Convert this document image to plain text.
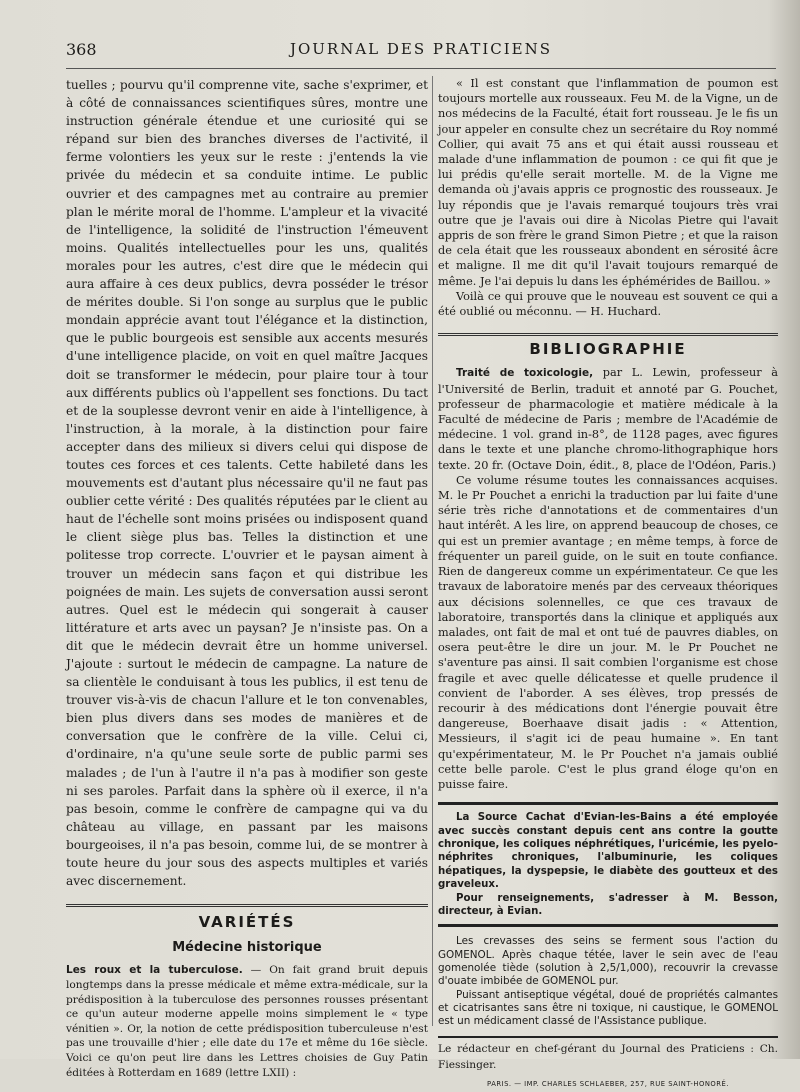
368	JOURNAL DES PRATICIENS

tuelles ; pourvu qu'il comprenne vite, sache s'exprimer, et à côté de connaissances scientifiques sûres, montre une instruction générale étendue et une curiosité qui se répand sur bien des branches diverses de l'activité, il ferme volontiers les yeux sur le reste : j'entends la vie privée du médecin et sa conduite intime. Le public ouvrier et des campagnes met au contraire au premier plan le mérite moral de l'homme. L'ampleur et la vivacité de l'intelligence, la solidité de l'instruction l'émeuvent moins. Qualités intellectuelles pour les uns, qualités morales pour les autres, c'est dire que le médecin qui aura affaire à ces deux publics, devra posséder le trésor de mérites double. Si l'on songe au surplus que le public mondain apprécie avant tout l'élégance et la distinction, que le public bourgeois est sensible aux accents mesurés d'une intelligence placide, on voit en quel maître Jacques doit se transformer le médecin, pour plaire tour à tour aux différents publics où l'appellent ses fonctions. Du tact et de la souplesse devront venir en aide à l'intelligence, à l'instruction, à la morale, à la distinction pour faire accepter dans des milieux si divers celui qui dispose de toutes ces forces et ces talents. Cette habileté dans les mouvements est d'autant plus nécessaire qu'il ne faut pas oublier cette vérité : Des qualités réputées par le client au haut de l'échelle sont moins prisées ou indisposent quand le client siège plus bas. Telles la distinction et une politesse trop correcte. L'ouvrier et le paysan aiment à trouver un médecin sans façon et qui distribue les poignées de main. Les sujets de conversation aussi seront autres. Quel est le médecin qui songerait à causer littérature et arts avec un paysan? Je n'insiste pas. On a dit que le médecin devrait être un homme universel. J'ajoute : surtout le médecin de campagne. La nature de sa clientèle le conduisant à tous les publics, il est tenu de trouver vis-à-vis de chacun l'allure et le ton convenables, bien plus divers dans ses modes de manières et de conversation que le confrère de la ville. Celui ci, d'ordinaire, n'a qu'une seule sorte de public parmi ses malades ; de l'un à l'autre il n'a pas à modifier son geste ni ses paroles. Parfait dans la sphère où il exerce, il n'a pas besoin, comme le confrère de campagne qui va du château au village, en passant par les maisons bourgeoises, il n'a pas besoin, comme lui, de se montrer à toute heure du jour sous des aspects multiples et variés avec discernement.

VARIÉTÉS
Médecine historique

Les roux et la tuberculose. — On fait grand bruit depuis longtemps dans la presse médicale et même extra-médicale, sur la prédisposition à la tuberculose des personnes rousses présentant ce qu'un auteur moderne appelle moins simplement le « type vénitien ». Or, la notion de cette prédisposition tuberculeuse n'est pas une trouvaille d'hier ; elle date du 17e et même du 16e siècle. Voici ce qu'on peut lire dans les Lettres choisies de Guy Patin éditées à Rotterdam en 1689 (lettre LXII) :

« Il est constant que l'inflammation de poumon est toujours mortelle aux rousseaux. Feu M. de la Vigne, un de nos médecins de la Faculté, était fort rousseau. Je le fis un jour appeler en consulte chez un secrétaire du Roy nommé Collier, qui avait 75 ans et qui était aussi rousseau et malade d'une inflammation de poumon : ce qui fit que je lui prédis qu'elle serait mortelle. M. de la Vigne me demanda où j'avais appris ce prognostic des rousseaux. Je luy répondis que je l'avais remarqué toujours très vrai outre que je l'avais oui dire à Nicolas Pietre qui l'avait appris de son frère le grand Simon Pietre ; et que la raison de cela était que les rousseaux abondent en sérosité âcre et maligne. Il me dit qu'il l'avait toujours remarqué de même. Je l'ai depuis lu dans les éphémérides de Baillou. »

Voilà ce qui prouve que le nouveau est souvent ce qui a été oublié ou méconnu. — H. Huchard.

BIBLIOGRAPHIE

Traité de toxicologie, par L. Lewin, professeur à l'Université de Berlin, traduit et annoté par G. Pouchet, professeur de pharmacologie et matière médicale à la Faculté de médecine de Paris ; membre de l'Académie de médecine. 1 vol. grand in-8°, de 1128 pages, avec figures dans le texte et une planche chromo-lithographique hors texte. 20 fr. (Octave Doin, édit., 8, place de l'Odéon, Paris.)

Ce volume résume toutes les connaissances acquises. M. le Pr Pouchet a enrichi la traduction par lui faite d'une série très riche d'annotations et de commentaires d'un haut intérêt. A les lire, on apprend beaucoup de choses, ce qui est un premier avantage ; en même temps, à force de fréquenter un pareil guide, on le suit en toute confiance. Rien de dangereux comme un expérimentateur. Ce que les travaux de laboratoire menés par des cerveaux théoriques aux décisions solennelles, ce que ces travaux de laboratoire, transportés dans la clinique et appliqués aux malades, ont fait de mal et ont tué de pauvres diables, on osera peut-être le dire un jour. M. le Pr Pouchet ne s'aventure pas ainsi. Il sait combien l'organisme est chose fragile et avec quelle délicatesse et quelle prudence il convient de l'aborder. A ses élèves, trop pressés de recourir à des médications dont l'énergie pouvait être dangereuse, Boerhaave disait jadis : « Attention, Messieurs, il s'agit ici de peau humaine ». En tant qu'expérimentateur, M. le Pr Pouchet n'a jamais oublié cette belle parole. C'est le plus grand éloge qu'on en puisse faire.

La Source Cachat d'Evian-les-Bains a été employée avec succès constant depuis cent ans contre la goutte chronique, les coliques néphrétiques, l'uricémie, les pyelo-néphrites chroniques, l'albuminurie, les coliques hépatiques, la dyspepsie, le diabète des goutteux et des graveleux.

Pour renseignements, s'adresser à M. Besson, directeur, à Evian.

Les crevasses des seins se ferment sous l'action du GOMENOL. Après chaque tétée, laver le sein avec de l'eau gomenolée tiède (solution à 2,5/1,000), recouvrir la crevasse d'ouate imbibée de GOMENOL pur.

Puissant antiseptique végétal, doué de propriétés calmantes et cicatrisantes sans être ni toxique, ni caustique, le GOMENOL est un médicament classé de l'Assistance publique.

Le rédacteur en chef-gérant du Journal des Praticiens : Ch. Fiessinger.
PARIS. — IMP. CHARLES SCHLAEBER, 257, RUE SAINT-HONORÉ.
